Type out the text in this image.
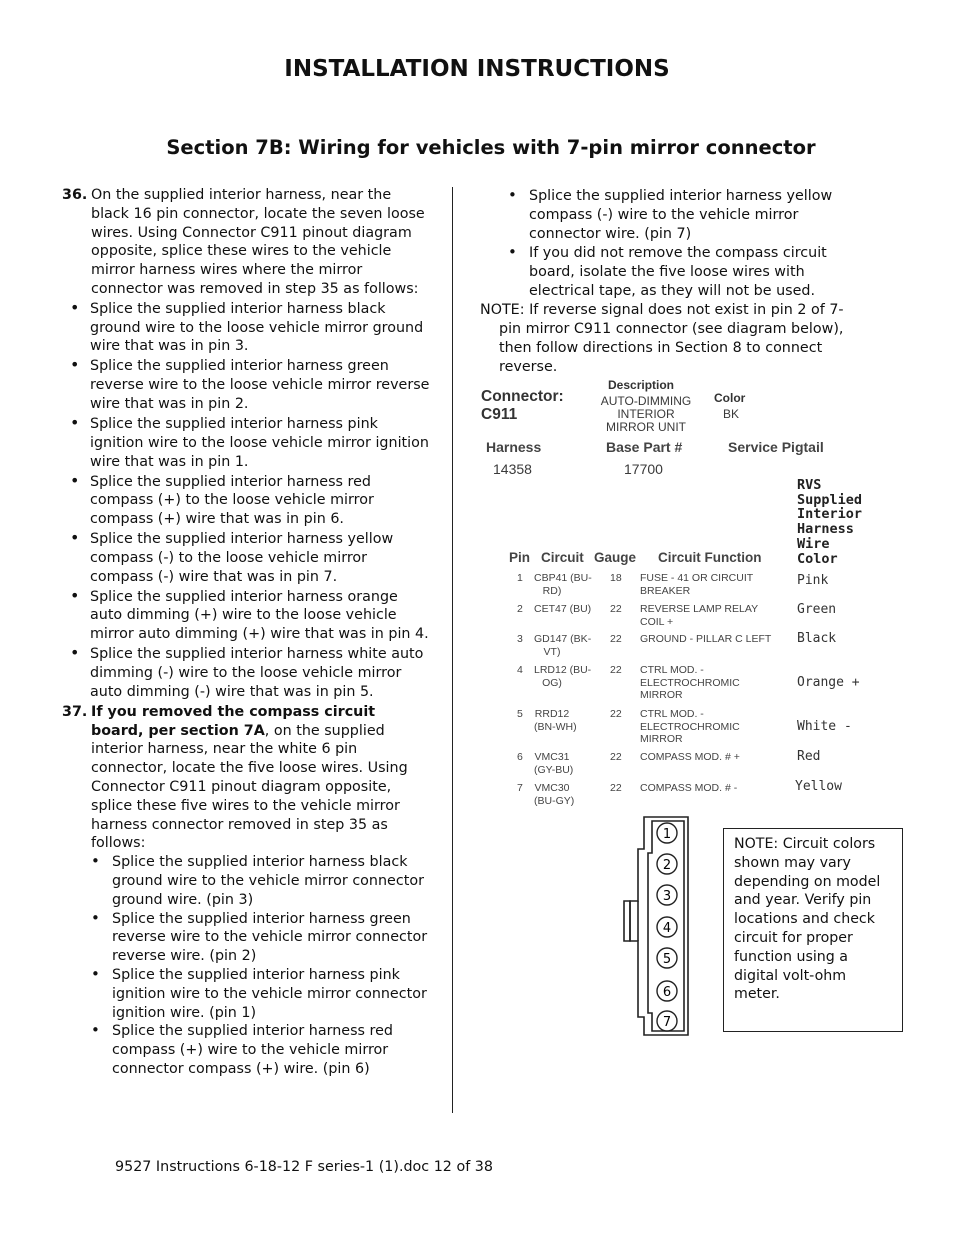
INSTALLATION INSTRUCTIONS
Section 7B: Wiring for vehicles with 7-pin mirror connector
36. On the supplied interior harness, near the black 16 pin connector, locate the seven loose wires. Using Connector C911 pinout diagram opposite, splice these wires to the vehicle mirror harness wires where the mirror connector was removed in step 35 as follows:
• Splice the supplied interior harness black ground wire to the loose vehicle mirror ground wire that was in pin 3.
• Splice the supplied interior harness green reverse wire to the loose vehicle mirror reverse wire that was in pin 2.
• Splice the supplied interior harness pink ignition wire to the loose vehicle mirror ignition wire that was in pin 1.
• Splice the supplied interior harness red compass (+) to the loose vehicle mirror compass (+) wire that was in pin 6.
• Splice the supplied interior harness yellow compass (-) to the loose vehicle mirror compass (-) wire that was in pin 7.
• Splice the supplied interior harness orange auto dimming (+) wire to the loose vehicle mirror auto dimming (+) wire that was in pin 4.
• Splice the supplied interior harness white auto dimming (-) wire to the loose vehicle mirror auto dimming (-) wire that was in pin 5.
37. If you removed the compass circuit board, per section 7A, on the supplied interior harness, near the white 6 pin connector, locate the five loose wires. Using Connector C911 pinout diagram opposite, splice these five wires to the vehicle mirror harness connector removed in step 35 as follows:
• Splice the supplied interior harness black ground wire to the vehicle mirror connector ground wire. (pin 3)
• Splice the supplied interior harness green reverse wire to the vehicle mirror connector reverse wire. (pin 2)
• Splice the supplied interior harness pink ignition wire to the vehicle mirror connector ignition wire. (pin 1)
• Splice the supplied interior harness red compass (+) wire to the vehicle mirror connector compass (+) wire. (pin 6)
• Splice the supplied interior harness yellow compass (-) wire to the vehicle mirror connector wire. (pin 7)
• If you did not remove the compass circuit board, isolate the five loose wires with electrical tape, as they will not be used.
NOTE: If reverse signal does not exist in pin 2 of 7-pin mirror C911 connector (see diagram below), then follow directions in Section 8 to connect reverse.
Connector:
C911
Description
AUTO-DIMMING
INTERIOR
MIRROR UNIT
Color
BK
Harness
14358
Base Part #
17700
Service Pigtail
RVS
Supplied
Interior
Harness
Wire
Color
Pin Circuit Gauge Circuit Function
1 CBP41 (BU-
RD)
18 FUSE - 41 OR CIRCUIT
BREAKER
Pink
2 CET47 (BU) 22 REVERSE LAMP RELAY
COIL +
Green
3 GD147 (BK-
VT)
22 GROUND - PILLAR C LEFT Black
4 LRD12 (BU-
OG)
22 CTRL MOD. -
ELECTROCHROMIC
MIRROR
Orange +
5 RRD12
(BN-WH)
22 CTRL MOD. -
ELECTROCHROMIC
MIRROR
White -
6 VMC31
(GY-BU)
22 COMPASS MOD. # +	Red
7 VMC30
(BU-GY)
22 COMPASS MOD. # -	Yellow
1
2
3
4
5
6
7
NOTE: Circuit colors shown may vary depending on model and year. Verify pin locations and check circuit for proper function using a digital volt-ohm meter.
9527 Instructions 6-18-12 F series-1 (1).doc 12 of 38
